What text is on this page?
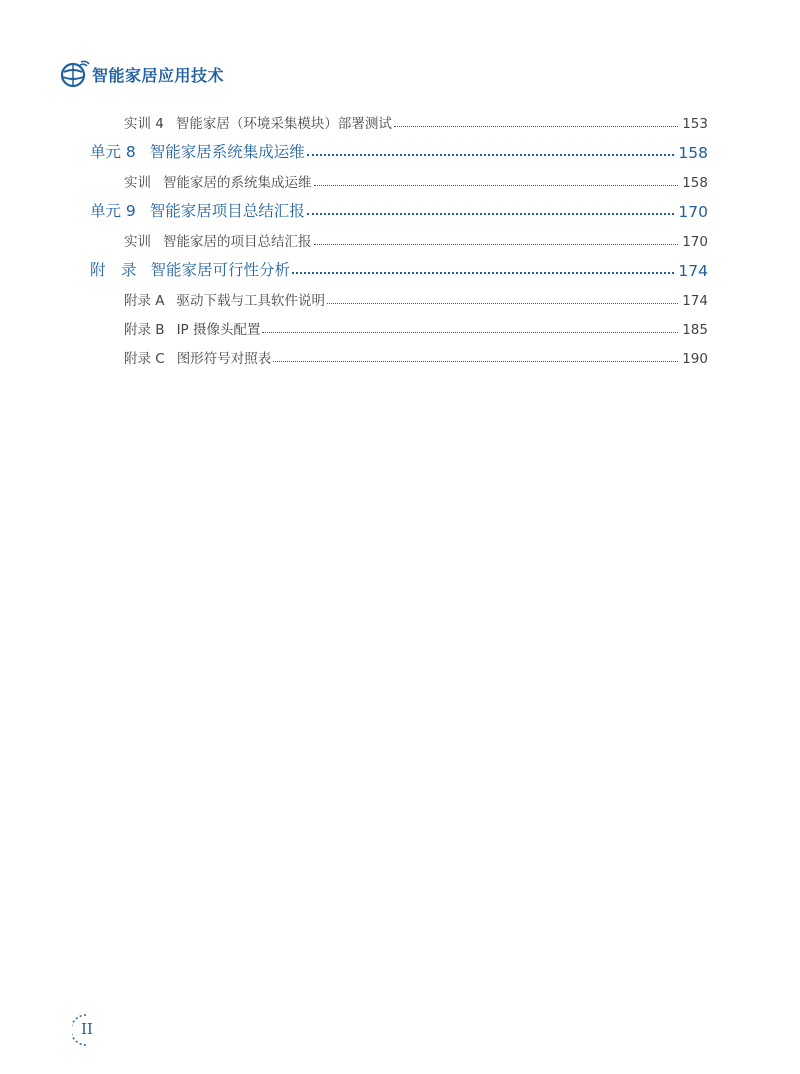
智能家居应用技术
实训 4 智能家居（环境采集模块）部署测试	153
单元 8 智能家居系统集成运维	158
实训 智能家居的系统集成运维	158
单元 9 智能家居项目总结汇报	170
实训 智能家居的项目总结汇报	170
附　录 智能家居可行性分析	174
附录 A 驱动下载与工具软件说明	174
附录 B IP 摄像头配置	185
附录 C 图形符号对照表	190
II
